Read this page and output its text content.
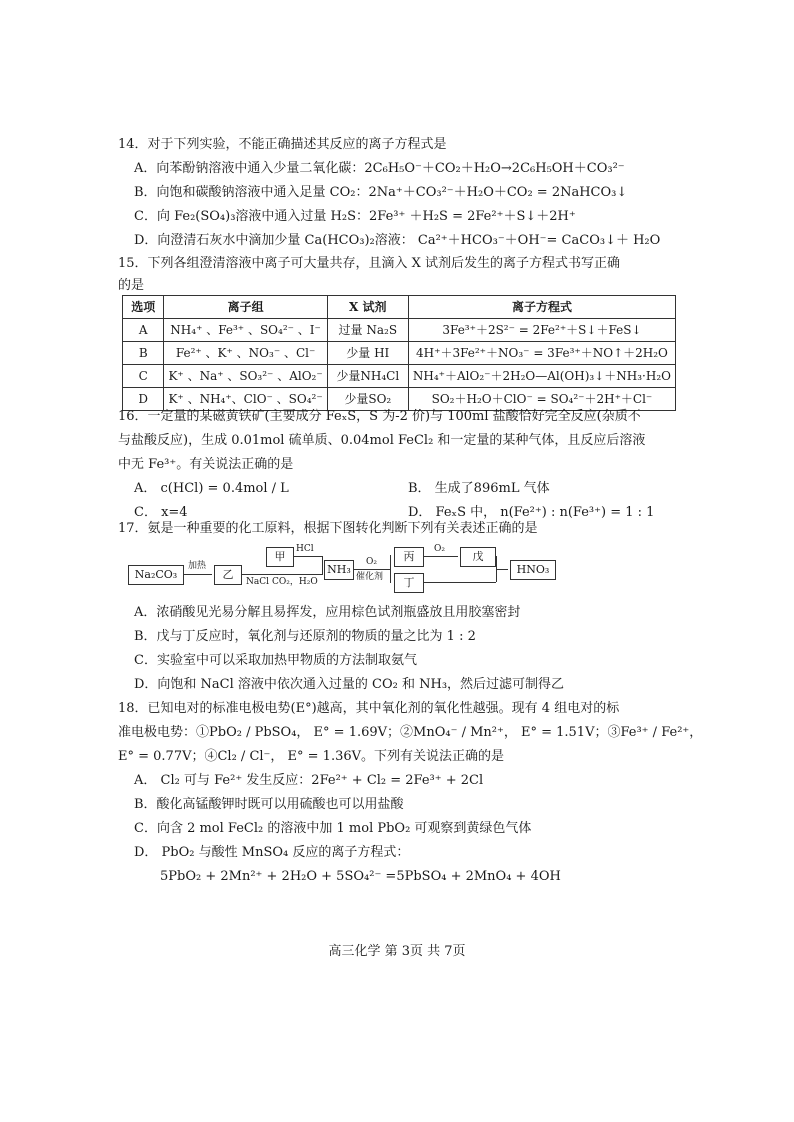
14．对于下列实验，不能正确描述其反应的离子方程式是
A．向苯酚钠溶液中通入少量二氧化碳：2C₆H₅O⁻＋CO₂＋H₂O→2C₆H₅OH＋CO₃²⁻
B．向饱和碳酸钠溶液中通入足量 CO₂：2Na⁺＋CO₃²⁻＋H₂O＋CO₂ = 2NaHCO₃↓
C．向 Fe₂(SO₄)₃溶液中通入过量 H₂S：2Fe³⁺ ＋H₂S = 2Fe²⁺＋S↓＋2H⁺
D．向澄清石灰水中滴加少量 Ca(HCO₃)₂溶液： Ca²⁺＋HCO₃⁻＋OH⁻= CaCO₃↓＋ H₂O
15．下列各组澄清溶液中离子可大量共存，且滴入 X 试剂后发生的离子方程式书写正确
的是
选项	离子组	X 试剂	离子方程式
A	NH₄⁺ 、Fe³⁺ 、SO₄²⁻ 、I⁻	过量 Na₂S	3Fe³⁺＋2S²⁻ = 2Fe²⁺＋S↓＋FeS↓
B	Fe²⁺ 、K⁺ 、NO₃⁻ 、Cl⁻	少量 HI	4H⁺＋3Fe²⁺＋NO₃⁻ = 3Fe³⁺＋NO↑＋2H₂O
C	K⁺ 、Na⁺ 、SO₃²⁻ 、AlO₂⁻	少量NH₄Cl	NH₄⁺＋AlO₂⁻＋2H₂O—Al(OH)₃↓＋NH₃·H₂O
D	K⁺ 、NH₄⁺、ClO⁻ 、SO₄²⁻	少量SO₂	SO₂＋H₂O＋ClO⁻ = SO₄²⁻＋2H⁺＋Cl⁻
16．一定量的某磁黄铁矿(主要成分 FeₓS，S 为-2 价)与 100ml 盐酸恰好完全反应(杂质不
与盐酸反应)，生成 0.01mol 硫单质、0.04mol FeCl₂ 和一定量的某种气体，且反应后溶液
中无 Fe³⁺。有关说法正确的是
A． c(HCl) = 0.4mol / L	B． 生成了896mL 气体
C． x=4	D． FeₓS 中， n(Fe²⁺) : n(Fe³⁺) = 1 : 1
17．氨是一种重要的化工原料，根据下图转化判断下列有关表述正确的是
A．浓硝酸见光易分解且易挥发，应用棕色试剂瓶盛放且用胶塞密封
B．戊与丁反应时，氧化剂与还原剂的物质的量之比为 1 : 2
C．实验室中可以采取加热甲物质的方法制取氨气
D．向饱和 NaCl 溶液中依次通入过量的 CO₂ 和 NH₃，然后过滤可制得乙
Na₂CO₃
加热
乙
NaCl CO₂，H₂O
甲
HCl
NH₃
O₂
催化剂
丙
丁
O₂
戊
HNO₃
18．已知电对的标准电极电势(E°)越高，其中氧化剂的氧化性越强。现有 4 组电对的标
准电极电势：①PbO₂ / PbSO₄， E° = 1.69V；②MnO₄⁻ / Mn²⁺， E° = 1.51V；③Fe³⁺ / Fe²⁺，
E° = 0.77V；④Cl₂ / Cl⁻， E° = 1.36V。下列有关说法正确的是
A． Cl₂ 可与 Fe²⁺ 发生反应：2Fe²⁺ + Cl₂ = 2Fe³⁺ + 2Cl
B．酸化高锰酸钾时既可以用硫酸也可以用盐酸
C．向含 2 mol FeCl₂ 的溶液中加 1 mol PbO₂ 可观察到黄绿色气体
D． PbO₂ 与酸性 MnSO₄ 反应的离子方程式：
5PbO₂ + 2Mn²⁺ + 2H₂O + 5SO₄²⁻ =5PbSO₄ + 2MnO₄ + 4OH
高三化学 第 3页 共 7页
